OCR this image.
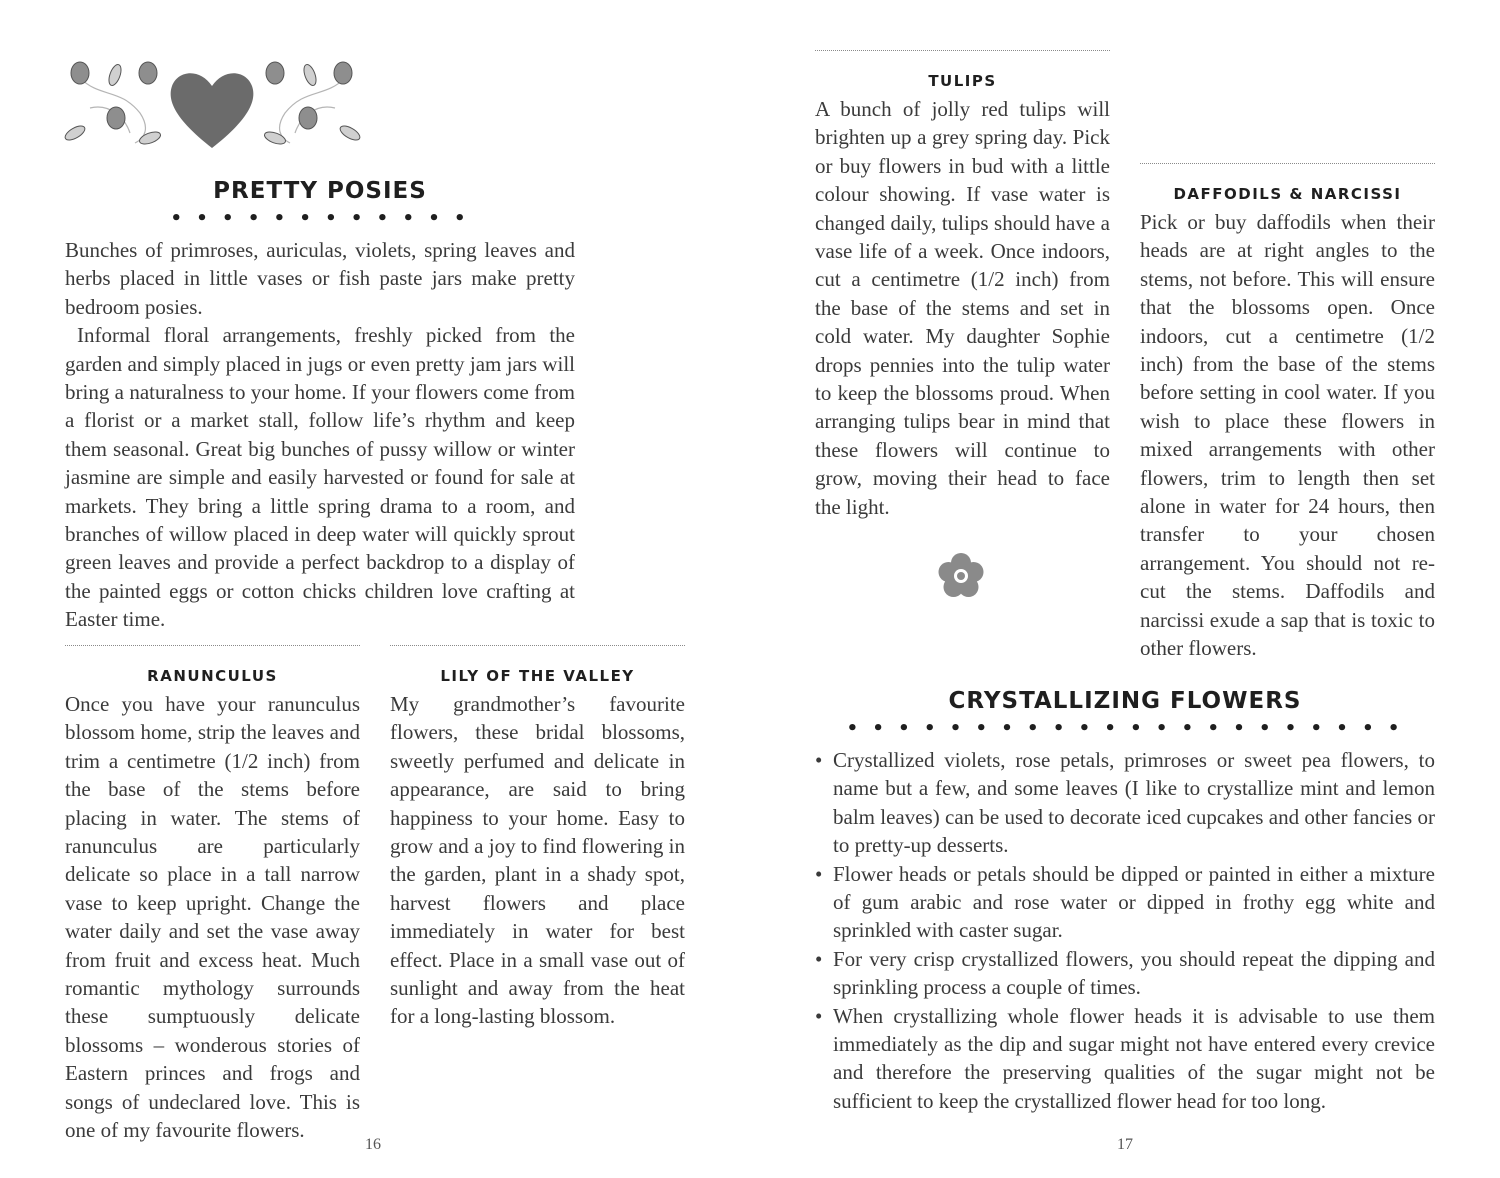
PRETTY POSIES
• • • • • • • • • • • •

Bunches of primroses, auriculas, violets, spring leaves and herbs placed in little vases or fish paste jars make pretty bedroom posies.

Informal floral arrangements, freshly picked from the garden and simply placed in jugs or even pretty jam jars will bring a naturalness to your home. If your flowers come from a florist or a market stall, follow life’s rhythm and keep them seasonal. Great big bunches of pussy willow or winter jasmine are simple and easily harvested or found for sale at markets. They bring a little spring drama to a room, and branches of willow placed in deep water will quickly sprout green leaves and provide a perfect backdrop to a display of the painted eggs or cotton chicks children love crafting at Easter time.

RANUNCULUS

Once you have your ranunculus blossom home, strip the leaves and trim a centimetre (1/2 inch) from the base of the stems before placing in water. The stems of ranunculus are particularly delicate so place in a tall narrow vase to keep upright. Change the water daily and set the vase away from fruit and excess heat. Much romantic mythology surrounds these sumptuously delicate blossoms – wonderous stories of Eastern princes and frogs and songs of undeclared love. This is one of my favourite flowers.

LILY OF THE VALLEY

My grandmother’s favourite flowers, these bridal blossoms, sweetly perfumed and delicate in appearance, are said to bring happiness to your home. Easy to grow and a joy to find flowering in the garden, plant in a shady spot, harvest flowers and place immediately in water for best effect. Place in a small vase out of sunlight and away from the heat for a long-lasting blossom.

16
TULIPS

A bunch of jolly red tulips will brighten up a grey spring day. Pick or buy flowers in bud with a little colour showing. If vase water is changed daily, tulips should have a vase life of a week. Once indoors, cut a centimetre (1/2 inch) from the base of the stems and set in cold water. My daughter Sophie drops pennies into the tulip water to keep the blossoms proud. When arranging tulips bear in mind that these flowers will continue to grow, moving their head to face the light.

DAFFODILS & NARCISSI

Pick or buy daffodils when their heads are at right angles to the stems, not before. This will ensure that the blossoms open. Once indoors, cut a centimetre (1/2 inch) from the base of the stems before setting in cool water. If you wish to place these flowers in mixed arrangements with other flowers, trim to length then set alone in water for 24 hours, then transfer to your chosen arrangement. You should not re-cut the stems. Daffodils and narcissi exude a sap that is toxic to other flowers.

CRYSTALLIZING FLOWERS
• • • • • • • • • • • • • • • • • • • • • •
• Crystallized violets, rose petals, primroses or sweet pea flowers, to name but a few, and some leaves (I like to crystallize mint and lemon balm leaves) can be used to decorate iced cupcakes and other fancies or to pretty-up desserts.
• Flower heads or petals should be dipped or painted in either a mixture of gum arabic and rose water or dipped in frothy egg white and sprinkled with caster sugar.
• For very crisp crystallized flowers, you should repeat the dipping and sprinkling process a couple of times.
• When crystallizing whole flower heads it is advisable to use them immediately as the dip and sugar might not have entered every crevice and therefore the preserving qualities of the sugar might not be sufficient to keep the crystallized flower head for too long.
17
